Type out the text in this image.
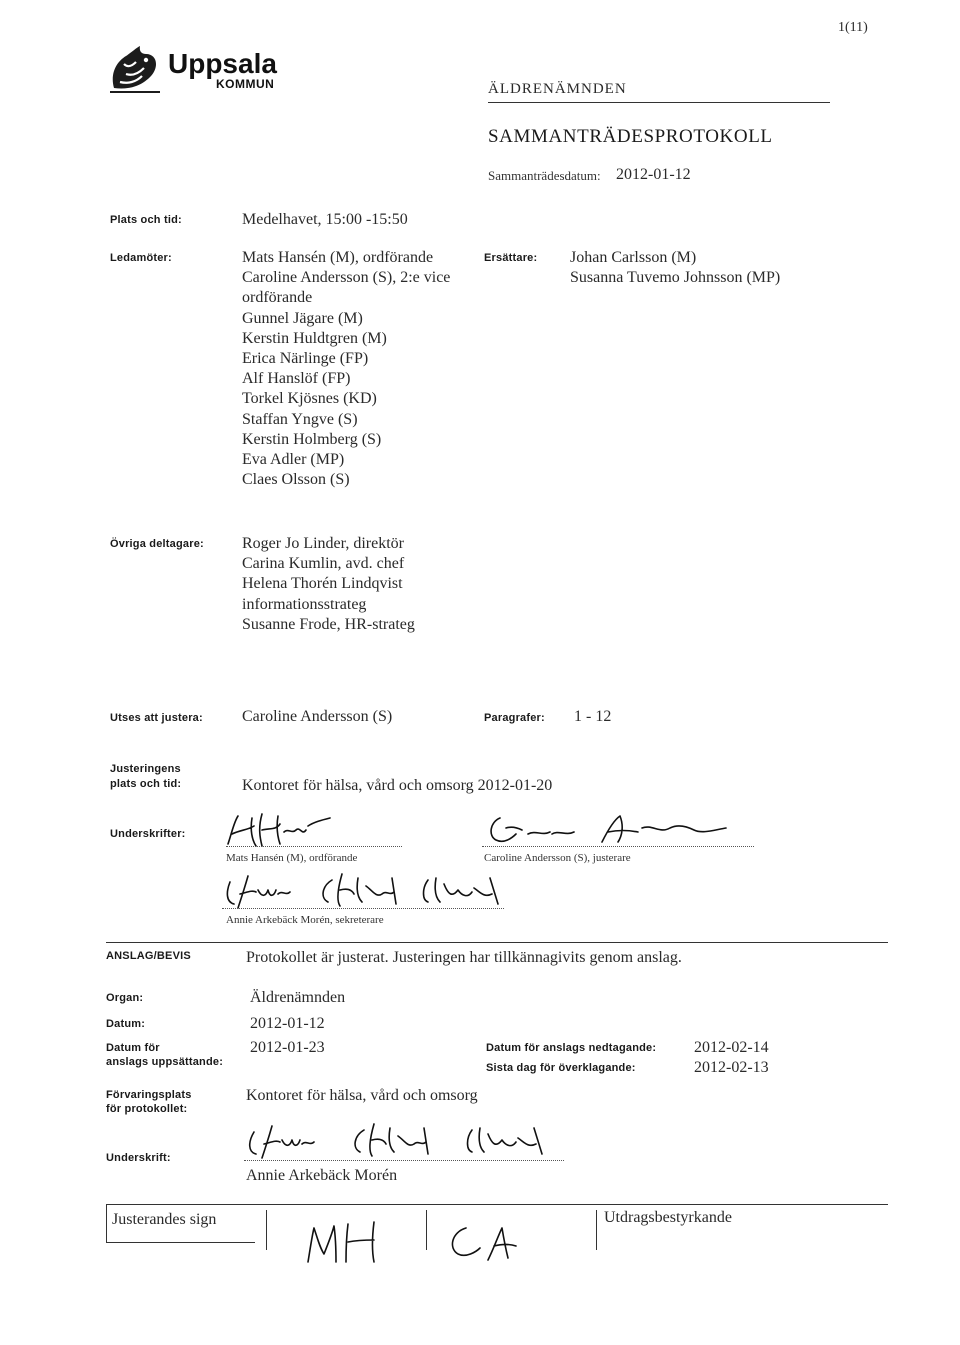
1(11)
Uppsala
KOMMUN	ÄLDRENÄMNDEN
SAMMANTRÄDESPROTOKOLL
Sammanträdesdatum: 2012-01-12
Plats och tid:	Medelhavet, 15:00 -15:50
Ledamöter:	Mats Hansén (M), ordförande
Caroline Andersson (S), 2:e vice
ordförande
Gunnel Jägare (M)
Kerstin Huldtgren (M)
Erica Närlinge (FP)
Alf Hanslöf (FP)
Torkel Kjösnes (KD)
Staffan Yngve (S)
Kerstin Holmberg (S)
Eva Adler (MP)
Claes Olsson (S)
Ersättare: Johan Carlsson (M)
Susanna Tuvemo Johnsson (MP)
Övriga deltagare: Roger Jo Linder, direktör
Carina Kumlin, avd. chef
Helena Thorén Lindqvist
informationsstrateg
Susanne Frode, HR-strateg
Utses att justera: Caroline Andersson (S)	Paragrafer: 1 - 12
Justeringens
plats och tid:	Kontoret för hälsa, vård och omsorg 2012-01-20
Underskrifter:
Mats Hansén (M), ordförande	Caroline Andersson (S), justerare
Annie Arkebäck Morén, sekreterare
ANSLAG/BEVIS	Protokollet är justerat. Justeringen har tillkännagivits genom anslag.
Organ:	Äldrenämnden
Datum:	2012-01-12
Datum för
anslags uppsättande:
2012-01-23	Datum för anslags nedtagande: 2012-02-14
Sista dag för överklagande:	2012-02-13
Förvaringsplats
för protokollet:
Kontoret för hälsa, vård och omsorg
Underskrift:
Annie Arkebäck Morén
Justerandes sign	Utdragsbestyrkande
